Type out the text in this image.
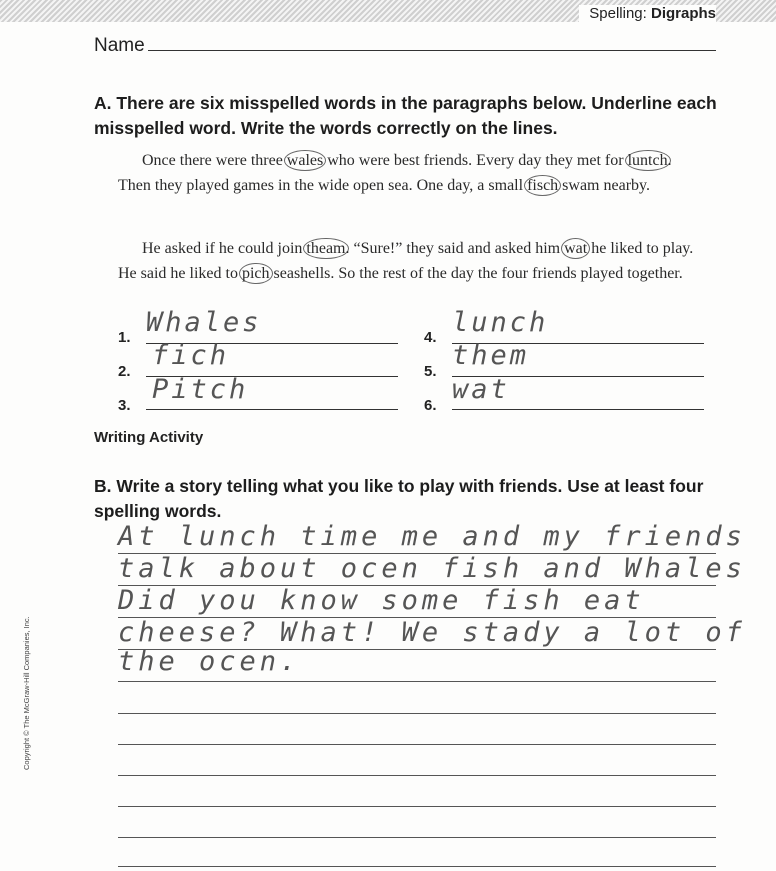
Spelling: Digraphs
Name
A. There are six misspelled words in the paragraphs below. Underline each misspelled word. Write the words correctly on the lines.
Once there were three wales who were best friends. Every day they met for luntch. Then they played games in the wide open sea. One day, a small fisch swam nearby.
He asked if he could join theam. “Sure!” they said and asked him wat he liked to play. He said he liked to pich seashells. So the rest of the day the four friends played together.
1. Whales
2.
fich
3.
Pitch
4. lunch
5.
them
6.
wat
Writing Activity
B. Write a story telling what you like to play with friends. Use at least four spelling words.
At lunch time me and my friends
talk about ocen fish and Whales
Did you know some fish eat
cheese? What! We stady a lot of
the ocen.
Copyright © The McGraw-Hill Companies, Inc.
